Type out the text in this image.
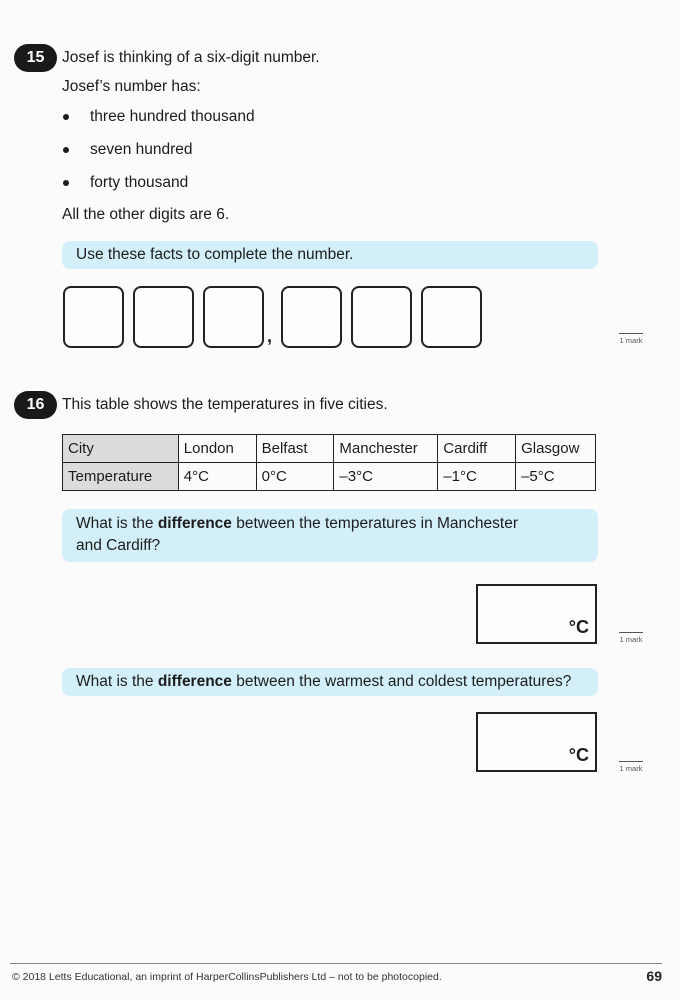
15	Josef is thinking of a six-digit number.
Josef’s number has:
three hundred thousand
seven hundred
forty thousand
All the other digits are 6.
Use these facts to complete the number.
,	1 mark
16	This table shows the temperatures in five cities.
City	London	Belfast	Manchester	Cardiff	Glasgow
Temperature	4°C	0°C	–3°C	–1°C	–5°C
What is the difference between the temperatures in Manchester
and Cardiff?
°C
1 mark
What is the difference between the warmest and coldest temperatures?
°C
1 mark
© 2018 Letts Educational, an imprint of HarperCollinsPublishers Ltd – not to be photocopied.	69
